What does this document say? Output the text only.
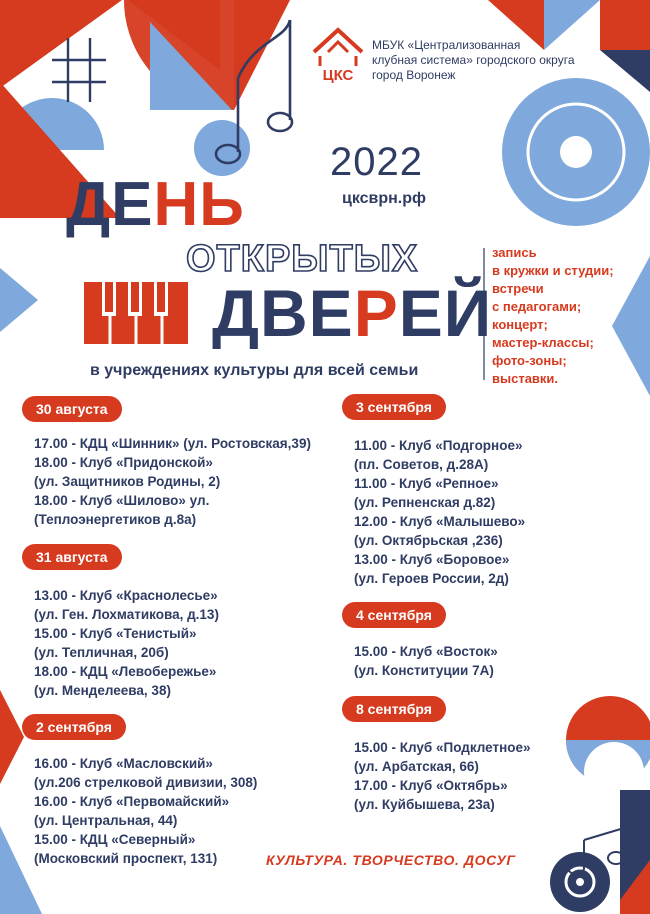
ЦКС
МБУК «Централизованная
клубная система» городского округа
город Воронеж
2022
цксврн.рф
ДЕНЬ
ОТКРЫТЫХ
ДВЕРЕЙ
в учреждениях культуры для всей семьи
запись
в кружки и студии;
встречи
с педагогами;
концерт;
мастер-классы;
фото-зоны;
выставки.
30 августа
17.00 - КДЦ «Шинник» (ул. Ростовская,39)
18.00 - Клуб «Придонской»
(ул. Защитников Родины, 2)
18.00 - Клуб «Шилово» ул.
(Теплоэнергетиков д.8а)
31 августа
13.00 - Клуб «Краснолесье»
(ул. Ген. Лохматикова, д.13)
15.00 - Клуб «Тенистый»
(ул. Тепличная, 20б)
18.00 - КДЦ «Левобережье»
(ул. Менделеева, 38)
2 сентября
16.00 - Клуб «Масловский»
(ул.206 стрелковой дивизии, 308)
16.00 - Клуб «Первомайский»
(ул. Центральная, 44)
15.00 - КДЦ «Северный»
(Московский проспект, 131)
3 сентября
11.00 - Клуб «Подгорное»
(пл. Советов, д.28А)
11.00 - Клуб «Репное»
(ул. Репненская д.82)
12.00 - Клуб «Малышево»
(ул. Октябрьская ,236)
13.00 - Клуб «Боровое»
(ул. Героев России, 2д)
4 сентября
15.00 - Клуб «Восток»
(ул. Конституции 7А)
8 сентября
15.00 - Клуб «Подклетное»
(ул. Арбатская, 66)
17.00 - Клуб «Октябрь»
(ул. Куйбышева, 23а)
КУЛЬТУРА. ТВОРЧЕСТВО. ДОСУГ
